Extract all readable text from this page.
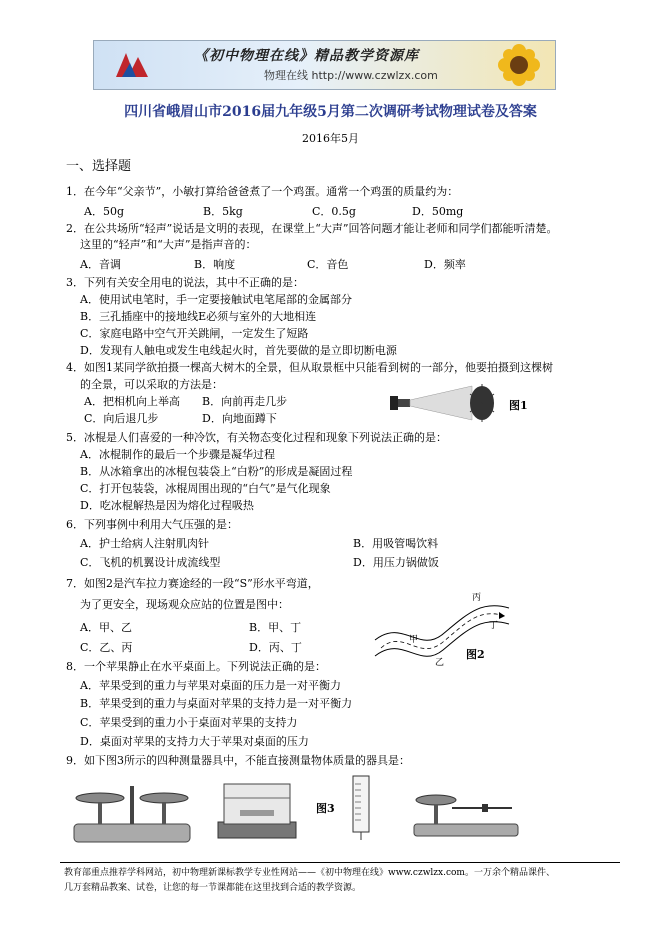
《初中物理在线》精品教学资源库
物理在线 http://www.czwlzx.com
四川省峨眉山市2016届九年级5月第二次调研考试物理试卷及答案
2016年5月
一、选择题
1．在今年“父亲节”，小敏打算给爸爸煮了一个鸡蛋。通常一个鸡蛋的质量约为：
A．50g	B．5kg	C．0.5g	D．50mg
2．在公共场所“轻声”说话是文明的表现，在课堂上“大声”回答问题才能让老师和同学们都能听清楚。
这里的“轻声”和“大声”是指声音的：
A．音调	B．响度	C．音色	D．频率
3．下列有关安全用电的说法，其中不正确的是：
A．使用试电笔时，手一定要接触试电笔尾部的金属部分
B．三孔插座中的接地线E必须与室外的大地相连
C．家庭电路中空气开关跳闸，一定发生了短路
D．发现有人触电或发生电线起火时，首先要做的是立即切断电源
4．如图1某同学欲拍摄一棵高大树木的全景，但从取景框中只能看到树的一部分，他要拍摄到这棵树
的全景，可以采取的方法是：
A．把相机向上举高 B．向前再走几步
C．向后退几步	D．向地面蹲下
图1
5．冰棍是人们喜爱的一种冷饮，有关物态变化过程和现象下列说法正确的是：
A．冰棍制作的最后一个步骤是凝华过程
B．从冰箱拿出的冰棍包装袋上“白粉”的形成是凝固过程
C．打开包装袋，冰棍周围出现的“白气”是气化现象
D．吃冰棍解热是因为熔化过程吸热
6．下列事例中利用大气压强的是：
A．护士给病人注射肌肉针	B．用吸管喝饮料
C．飞机的机翼设计成流线型	D．用压力锅做饭
7．如图2是汽车拉力赛途经的一段“S”形水平弯道，
为了更安全，现场观众应站的位置是图中：
A．甲、乙	B．甲、丁
C．乙、丙	D．丙、丁
甲
乙
丙
丁
图2
8．一个苹果静止在水平桌面上。下列说法正确的是：
A．苹果受到的重力与苹果对桌面的压力是一对平衡力
B．苹果受到的重力与桌面对苹果的支持力是一对平衡力
C．苹果受到的重力小于桌面对苹果的支持力
D．桌面对苹果的支持力大于苹果对桌面的压力
9．如下图3所示的四种测量器具中，不能直接测量物体质量的器具是：
图3
教育部重点推荐学科网站，初中物理新课标教学专业性网站——《初中物理在线》www.czwlzx.com。一万余个精品课件、
几万套精品教案、试卷，让您的每一节课都能在这里找到合适的教学资源。
